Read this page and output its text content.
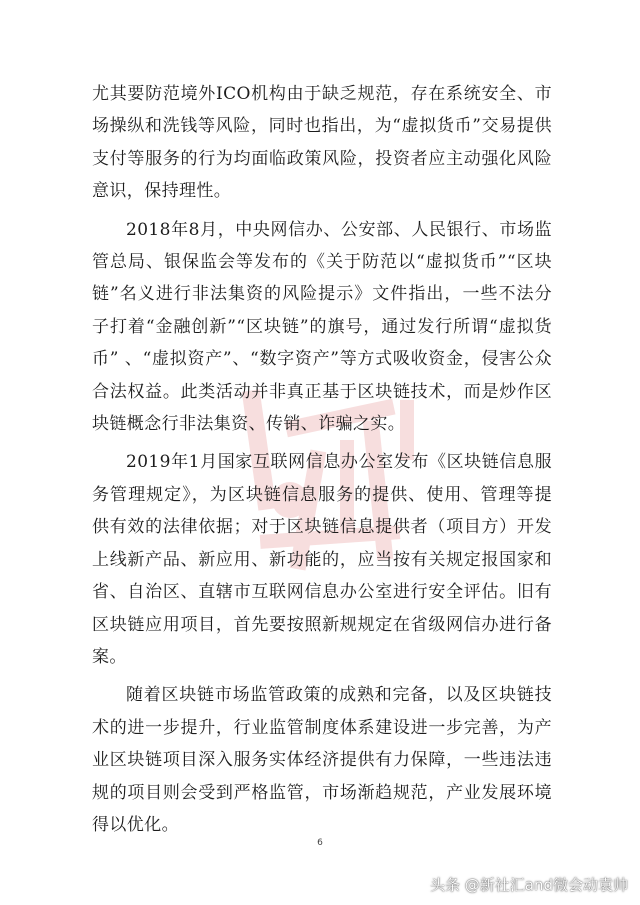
尤其要防范境外ICO机构由于缺乏规范，存在系统安全、市场操纵和洗钱等风险，同时也指出，为“虚拟货币”交易提供支付等服务的行为均面临政策风险，投资者应主动强化风险意识，保持理性。

2018年8月，中央网信办、公安部、人民银行、市场监管总局、银保监会等发布的《关于防范以“虚拟货币”“区块链”名义进行非法集资的风险提示》文件指出，一些不法分子打着“金融创新”“区块链”的旗号，通过发行所谓“虚拟货币” 、“虚拟资产”、“数字资产”等方式吸收资金，侵害公众合法权益。此类活动并非真正基于区块链技术，而是炒作区块链概念行非法集资、传销、诈骗之实。

2019年1月国家互联网信息办公室发布《区块链信息服务管理规定》，为区块链信息服务的提供、使用、管理等提供有效的法律依据；对于区块链信息提供者（项目方）开发上线新产品、新应用、新功能的，应当按有关规定报国家和省、自治区、直辖市互联网信息办公室进行安全评估。旧有区块链应用项目，首先要按照新规规定在省级网信办进行备案。

随着区块链市场监管政策的成熟和完备，以及区块链技术的进一步提升，行业监管制度体系建设进一步完善，为产业区块链项目深入服务实体经济提供有力保障，一些违法违规的项目则会受到严格监管，市场渐趋规范，产业发展环境得以优化。

6
头条 @新社汇and微会动袁帅
